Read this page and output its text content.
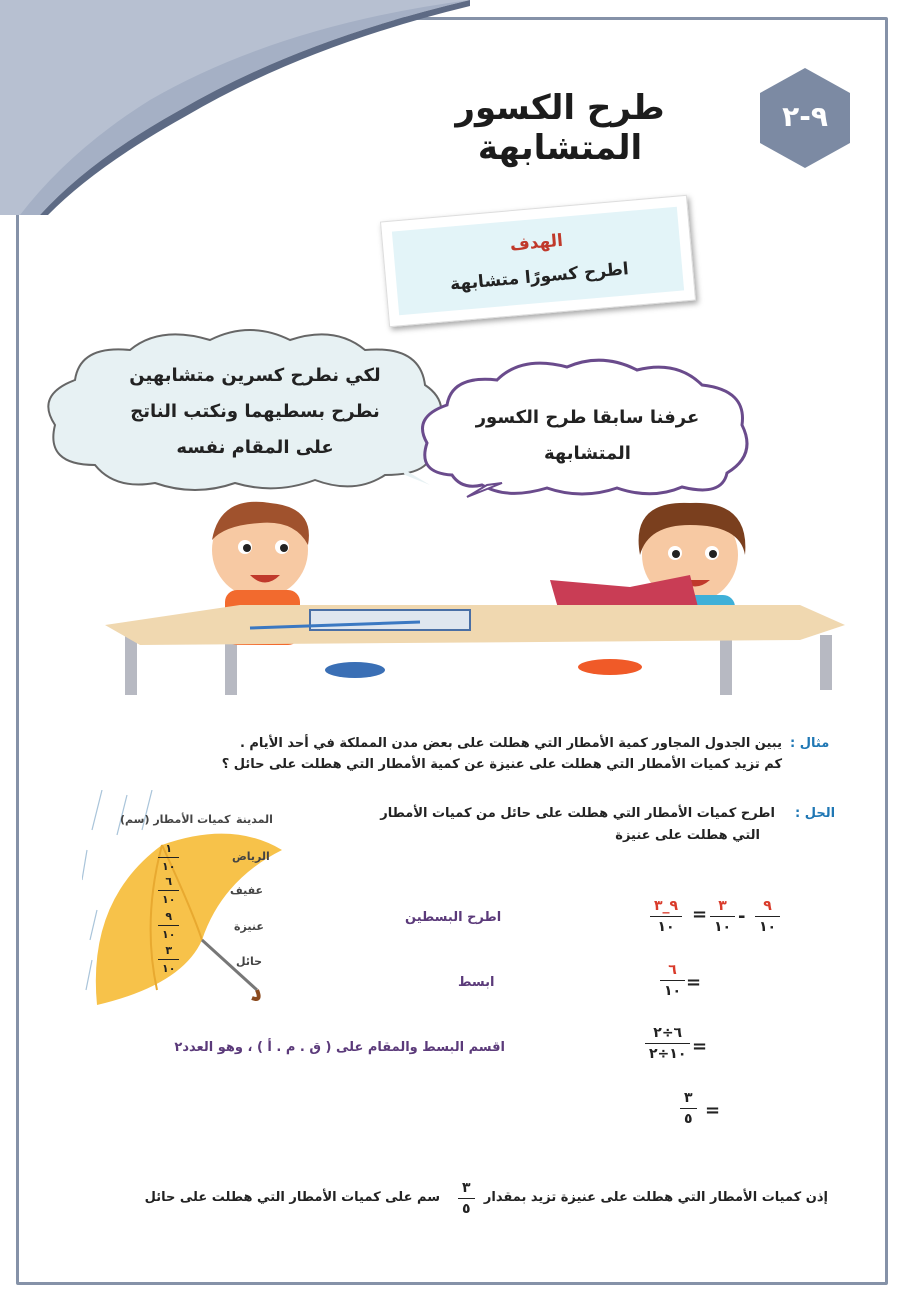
طرح الكسور المتشابهة
٩-٢
الهدف
اطرح كسورًا متشابهة
لكي نطرح كسرين متشابهين
نطرح بسطيهما ونكتب الناتج
على المقام نفسه
عرفنا سابقا طرح الكسور
المتشابهة
مثال :
يبين الجدول المجاور كمية الأمطار التي هطلت على بعض مدن المملكة في أحد الأيام .
كم تزيد كميات الأمطار التي هطلت على عنيزة عن كمية الأمطار التي هطلت على حائل ؟
الحل :
اطرح كميات الأمطار التي هطلت على حائل من كميات الأمطار
التي هطلت على عنيزة
المدينة
كميات الأمطار (سم)
الرياض
عفيف
عنيزة
حائل
١
١٠
٦
١٠
٩
١٠
٣
١٠
اطرح البسطين
ابسط
اقسم البسط والمقام على ( ق . م . أ ) ، وهو العدد٢
٩
١٠
-
٣
١٠
=
٩_٣
١٠
=
٦
١٠
=
٦÷٢
١٠÷٢
=
٣
٥
إذن كميات الأمطار التي هطلت على عنيزة تزيد بمقدار
٣
٥
سم على كميات الأمطار التي هطلت على حائل
